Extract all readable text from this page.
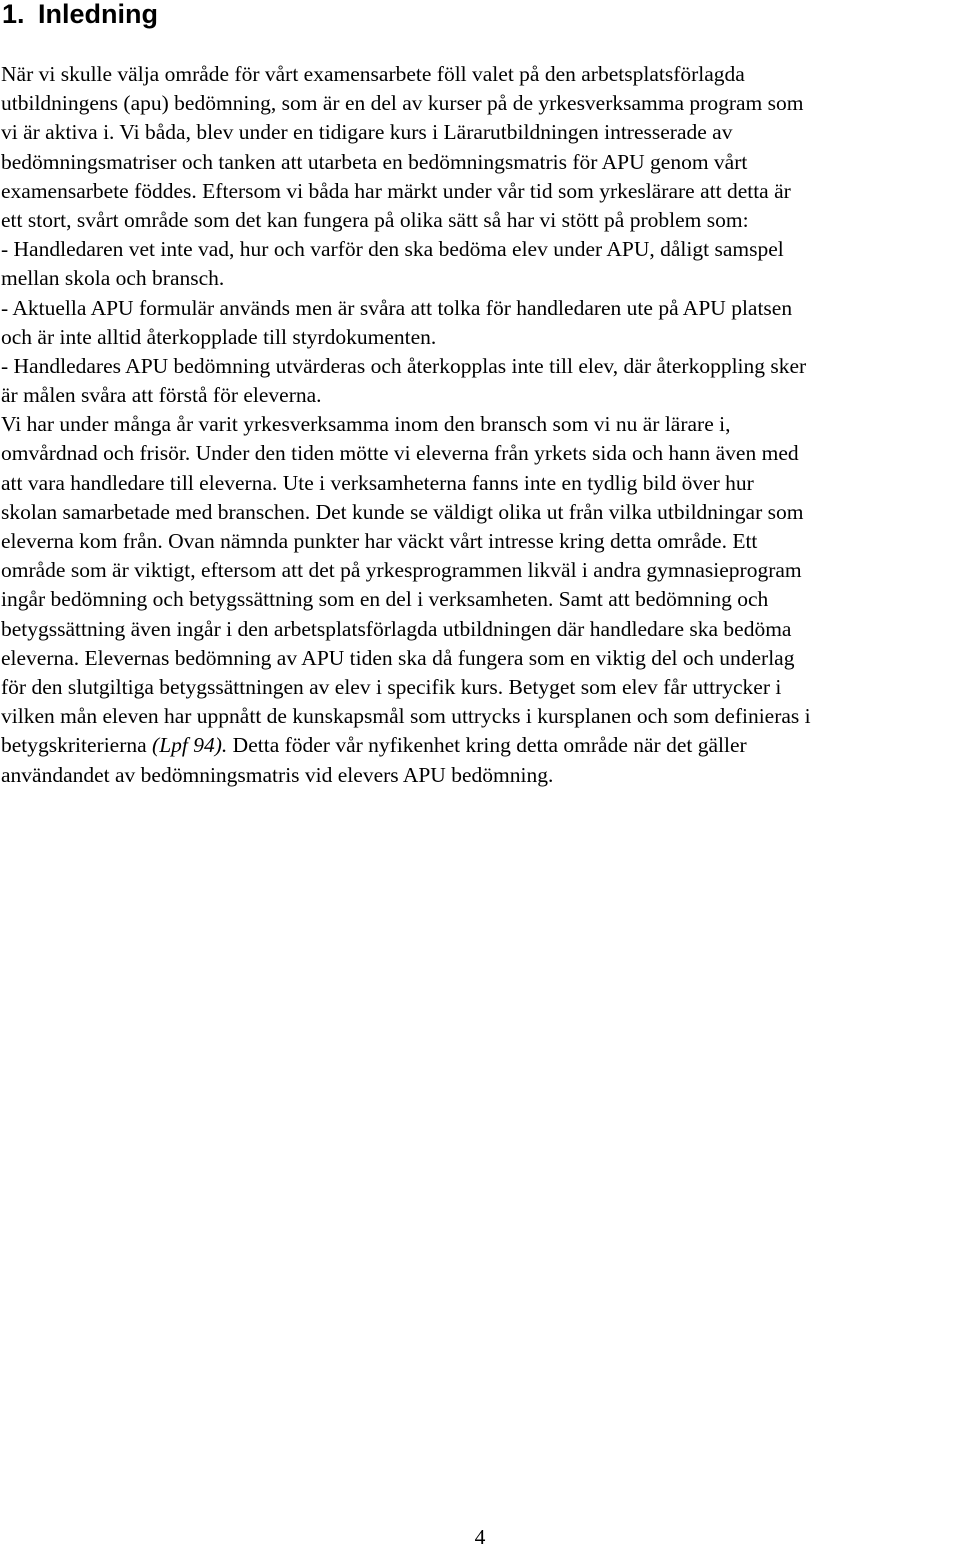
1. Inledning
När vi skulle välja område för vårt examensarbete föll valet på den arbetsplatsförlagda
utbildningens (apu) bedömning, som är en del av kurser på de yrkesverksamma program som
vi är aktiva i. Vi båda, blev under en tidigare kurs i Lärarutbildningen intresserade av
bedömningsmatriser och tanken att utarbeta en bedömningsmatris för APU genom vårt
examensarbete föddes. Eftersom vi båda har märkt under vår tid som yrkeslärare att detta är
ett stort, svårt område som det kan fungera på olika sätt så har vi stött på problem som:
- Handledaren vet inte vad, hur och varför den ska bedöma elev under APU, dåligt samspel
mellan skola och bransch.
- Aktuella APU formulär används men är svåra att tolka för handledaren ute på APU platsen
och är inte alltid återkopplade till styrdokumenten.
- Handledares APU bedömning utvärderas och återkopplas inte till elev, där återkoppling sker
är målen svåra att förstå för eleverna.
Vi har under många år varit yrkesverksamma inom den bransch som vi nu är lärare i,
omvårdnad och frisör. Under den tiden mötte vi eleverna från yrkets sida och hann även med
att vara handledare till eleverna. Ute i verksamheterna fanns inte en tydlig bild över hur
skolan samarbetade med branschen. Det kunde se väldigt olika ut från vilka utbildningar som
eleverna kom från. Ovan nämnda punkter har väckt vårt intresse kring detta område. Ett
område som är viktigt, eftersom att det på yrkesprogrammen likväl i andra gymnasieprogram
ingår bedömning och betygssättning som en del i verksamheten. Samt att bedömning och
betygssättning även ingår i den arbetsplatsförlagda utbildningen där handledare ska bedöma
eleverna. Elevernas bedömning av APU tiden ska då fungera som en viktig del och underlag
för den slutgiltiga betygssättningen av elev i specifik kurs. Betyget som elev får uttrycker i
vilken mån eleven har uppnått de kunskapsmål som uttrycks i kursplanen och som definieras i
betygskriterierna (Lpf 94). Detta föder vår nyfikenhet kring detta område när det gäller
användandet av bedömningsmatris vid elevers APU bedömning.
4
